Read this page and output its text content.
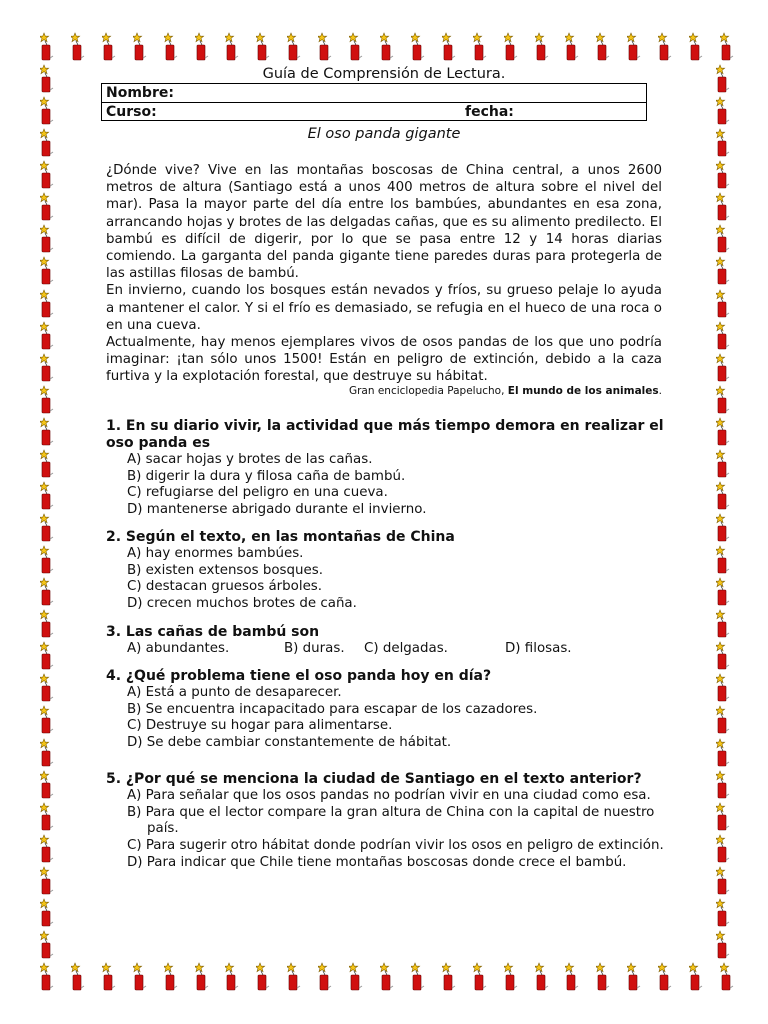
Guía de Comprensión de Lectura.
Nombre:
Curso:	fecha:
El oso panda gigante

¿Dónde vive? Vive en las montañas boscosas de China central, a unos 2600 metros de altura (Santiago está a unos 400 metros de altura sobre el nivel del mar). Pasa la mayor parte del día entre los bambúes, abundantes en esa zona, arrancando hojas y brotes de las delgadas cañas, que es su alimento predilecto. El bambú es difícil de digerir, por lo que se pasa entre 12 y 14 horas diarias comiendo. La garganta del panda gigante tiene paredes duras para protegerla de las astillas filosas de bambú.

En invierno, cuando los bosques están nevados y fríos, su grueso pelaje lo ayuda a mantener el calor. Y si el frío es demasiado, se refugia en el hueco de una roca o en una cueva.

Actualmente, hay menos ejemplares vivos de osos pandas de los que uno podría imaginar: ¡tan sólo unos 1500! Están en peligro de extinción, debido a la caza furtiva y la explotación forestal, que destruye su hábitat.

Gran enciclopedia Papelucho, El mundo de los animales.
1. En su diario vivir, la actividad que más tiempo demora en realizar el oso panda es
A) sacar hojas y brotes de las cañas.
B) digerir la dura y filosa caña de bambú.
C) refugiarse del peligro en una cueva.
D) mantenerse abrigado durante el invierno.
2. Según el texto, en las montañas de China
A) hay enormes bambúes.
B) existen extensos bosques.
C) destacan gruesos árboles.
D) crecen muchos brotes de caña.
3. Las cañas de bambú son
A) abundantes.	B) duras. C) delgadas.	D) filosas.
4. ¿Qué problema tiene el oso panda hoy en día?
A) Está a punto de desaparecer.
B) Se encuentra incapacitado para escapar de los cazadores.
C) Destruye su hogar para alimentarse.
D) Se debe cambiar constantemente de hábitat.
5. ¿Por qué se menciona la ciudad de Santiago en el texto anterior?
A) Para señalar que los osos pandas no podrían vivir en una ciudad como esa.
B) Para que el lector compare la gran altura de China con la capital de nuestro país.
C) Para sugerir otro hábitat donde podrían vivir los osos en peligro de extinción.
D) Para indicar que Chile tiene montañas boscosas donde crece el bambú.
